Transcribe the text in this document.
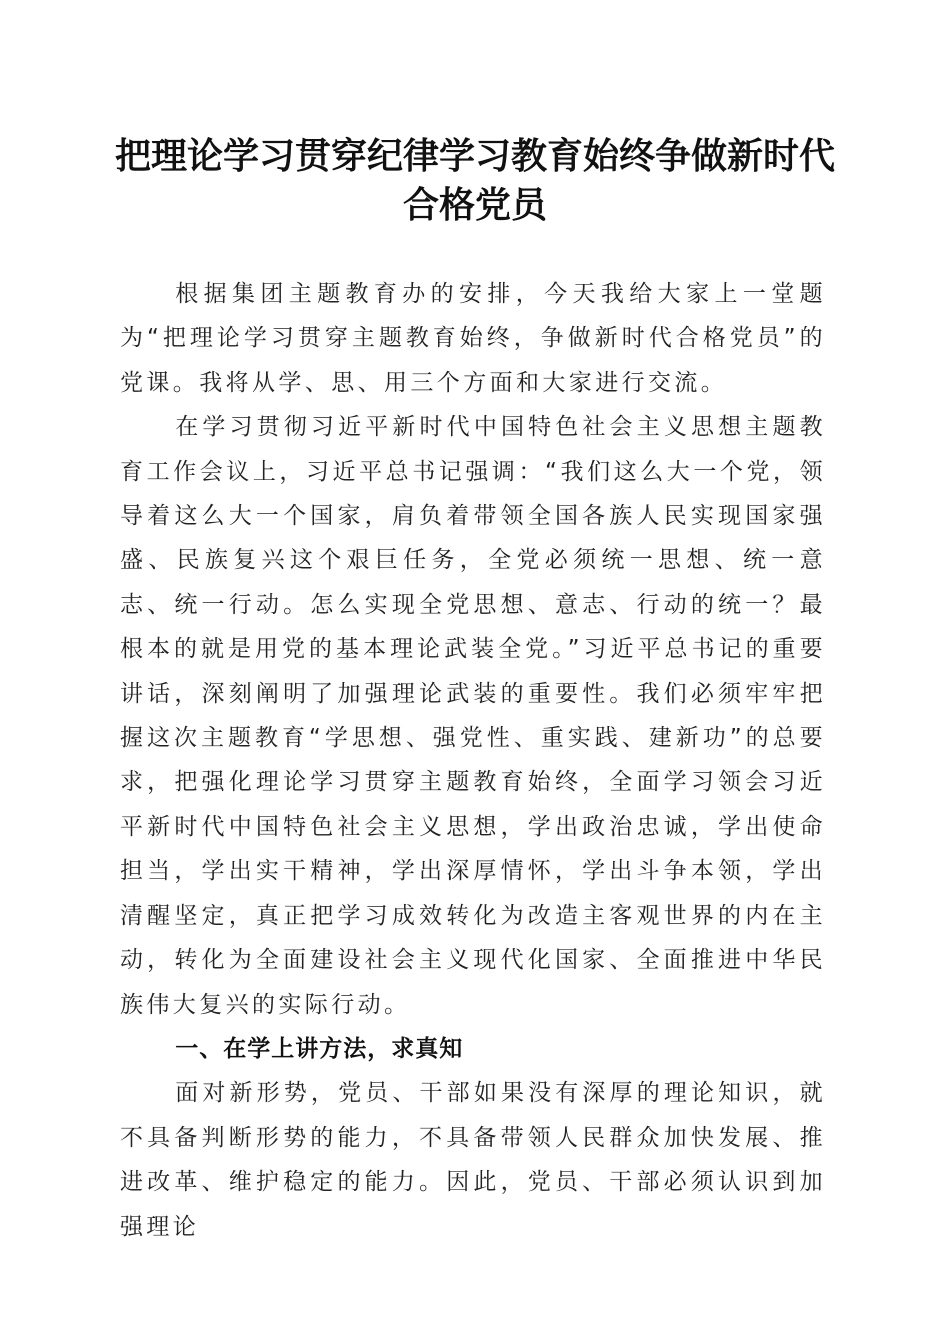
把理论学习贯穿纪律学习教育始终争做新时代合格党员

根据集团主题教育办的安排，今天我给大家上一堂题为“把理论学习贯穿主题教育始终，争做新时代合格党员”的党课。我将从学、思、用三个方面和大家进行交流。

在学习贯彻习近平新时代中国特色社会主义思想主题教育工作会议上，习近平总书记强调：“我们这么大一个党，领导着这么大一个国家，肩负着带领全国各族人民实现国家强盛、民族复兴这个艰巨任务，全党必须统一思想、统一意志、统一行动。怎么实现全党思想、意志、行动的统一？最根本的就是用党的基本理论武装全党。”习近平总书记的重要讲话，深刻阐明了加强理论武装的重要性。我们必须牢牢把握这次主题教育“学思想、强党性、重实践、建新功”的总要求，把强化理论学习贯穿主题教育始终，全面学习领会习近平新时代中国特色社会主义思想，学出政治忠诚，学出使命担当，学出实干精神，学出深厚情怀，学出斗争本领，学出清醒坚定，真正把学习成效转化为改造主客观世界的内在主动，转化为全面建设社会主义现代化国家、全面推进中华民族伟大复兴的实际行动。

一、在学上讲方法，求真知

面对新形势，党员、干部如果没有深厚的理论知识，就不具备判断形势的能力，不具备带领人民群众加快发展、推进改革、维护稳定的能力。因此，党员、干部必须认识到加强理论
